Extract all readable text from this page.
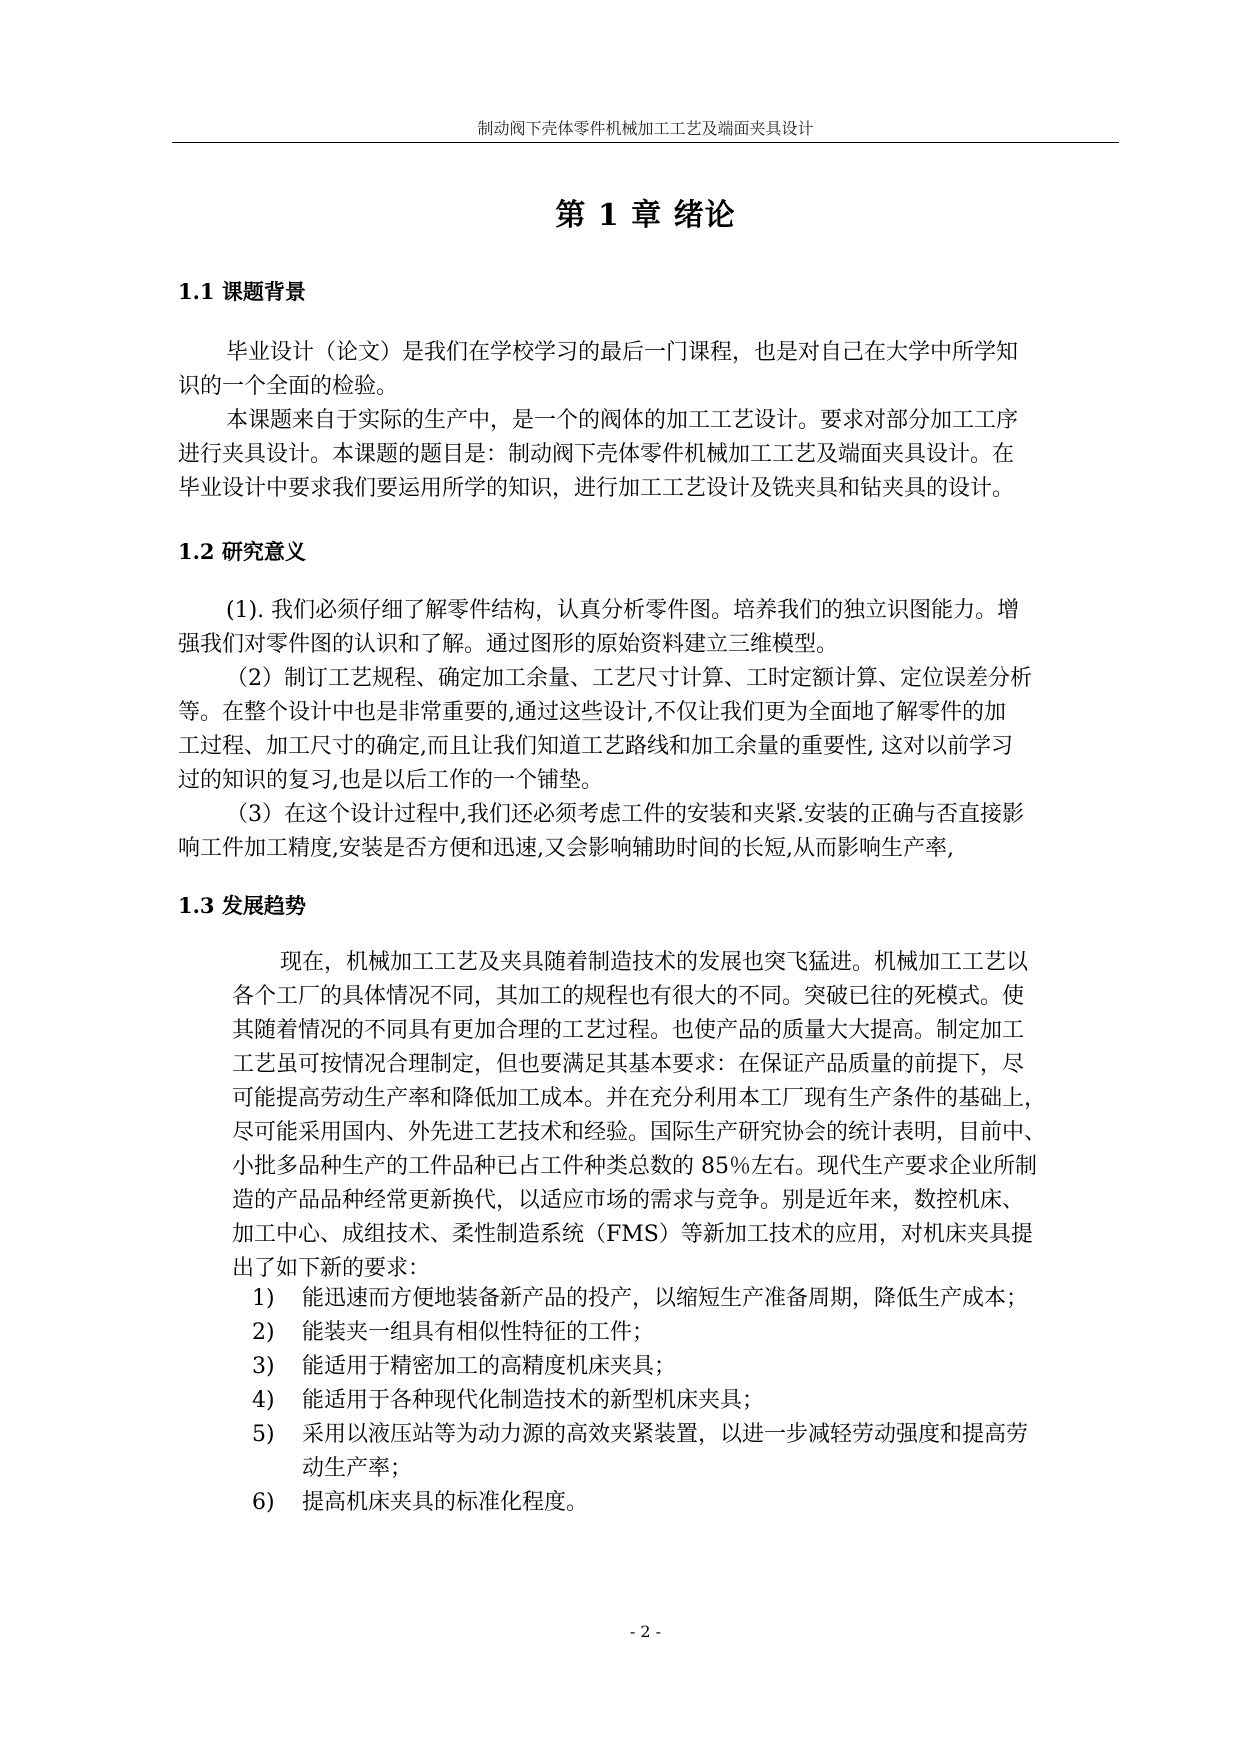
制动阀下壳体零件机械加工工艺及端面夹具设计
第 1 章 绪论
1.1 课题背景
毕业设计（论文）是我们在学校学习的最后一门课程，也是对自己在大学中所学知
识的一个全面的检验。
本课题来自于实际的生产中，是一个的阀体的加工工艺设计。要求对部分加工工序
进行夹具设计。本课题的题目是：制动阀下壳体零件机械加工工艺及端面夹具设计。在
毕业设计中要求我们要运用所学的知识，进行加工工艺设计及铣夹具和钻夹具的设计。
1.2 研究意义
(1). 我们必须仔细了解零件结构，认真分析零件图。培养我们的独立识图能力。增
强我们对零件图的认识和了解。通过图形的原始资料建立三维模型。
（2）制订工艺规程、确定加工余量、工艺尺寸计算、工时定额计算、定位误差分析
等。在整个设计中也是非常重要的,通过这些设计,不仅让我们更为全面地了解零件的加
工过程、加工尺寸的确定,而且让我们知道工艺路线和加工余量的重要性, 这对以前学习
过的知识的复习,也是以后工作的一个铺垫。
（3）在这个设计过程中,我们还必须考虑工件的安装和夹紧.安装的正确与否直接影
响工件加工精度,安装是否方便和迅速,又会影响辅助时间的长短,从而影响生产率,
1.3 发展趋势
现在，机械加工工艺及夹具随着制造技术的发展也突飞猛进。机械加工工艺以
各个工厂的具体情况不同，其加工的规程也有很大的不同。突破已往的死模式。使
其随着情况的不同具有更加合理的工艺过程。也使产品的质量大大提高。制定加工
工艺虽可按情况合理制定，但也要满足其基本要求：在保证产品质量的前提下，尽
可能提高劳动生产率和降低加工成本。并在充分利用本工厂现有生产条件的基础上，
尽可能采用国内、外先进工艺技术和经验。国际生产研究协会的统计表明，目前中、
小批多品种生产的工件品种已占工件种类总数的 85％左右。现代生产要求企业所制
造的产品品种经常更新换代，以适应市场的需求与竞争。别是近年来，数控机床、
加工中心、成组技术、柔性制造系统（FMS）等新加工技术的应用，对机床夹具提
出了如下新的要求：
1) 能迅速而方便地装备新产品的投产，以缩短生产准备周期，降低生产成本；
2) 能装夹一组具有相似性特征的工件；
3) 能适用于精密加工的高精度机床夹具；
4) 能适用于各种现代化制造技术的新型机床夹具；
5) 采用以液压站等为动力源的高效夹紧装置，以进一步减轻劳动强度和提高劳
动生产率；
6) 提高机床夹具的标准化程度。
- 2 -
